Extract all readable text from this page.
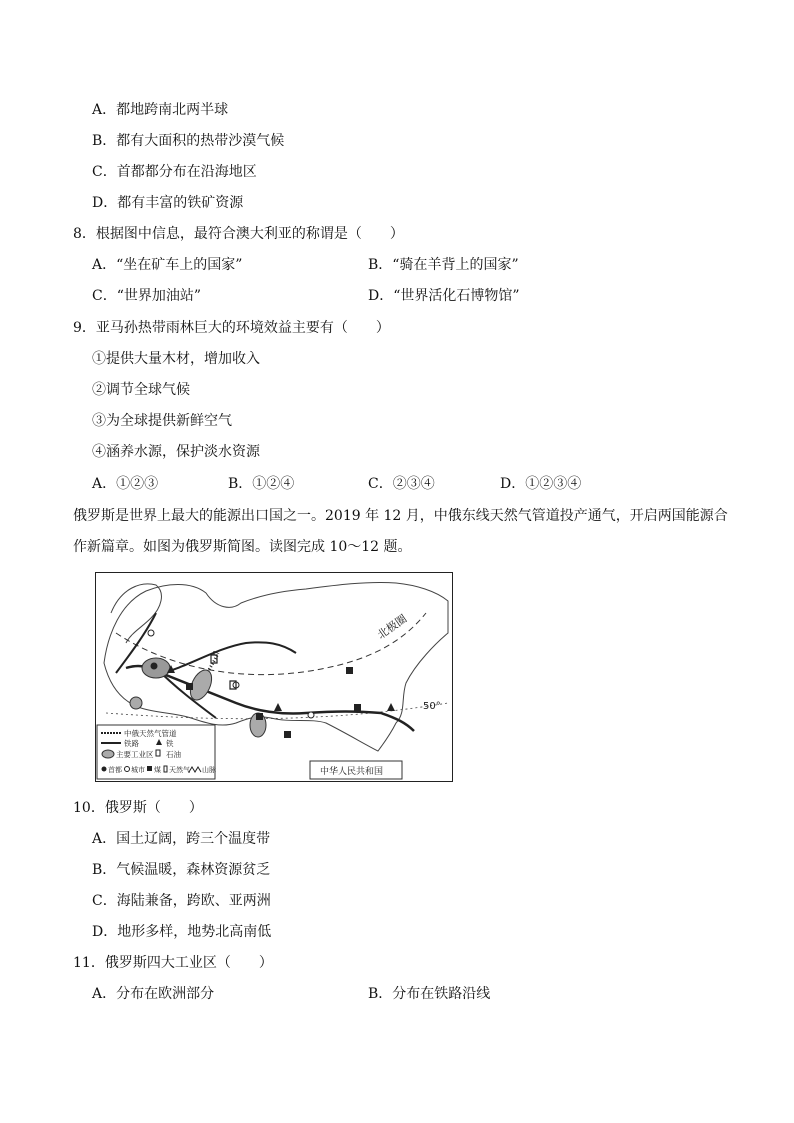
A．都地跨南北两半球
B．都有大面积的热带沙漠气候
C．首都都分布在沿海地区
D．都有丰富的铁矿资源
8．根据图中信息，最符合澳大利亚的称谓是（　　）
A．“坐在矿车上的国家”	B．“骑在羊背上的国家”
C．“世界加油站”	D．“世界活化石博物馆”
9．亚马孙热带雨林巨大的环境效益主要有（　　）
①提供大量木材，增加收入
②调节全球气候
③为全球提供新鲜空气
④涵养水源，保护淡水资源
A．①②③	B．①②④	C．②③④	D．①②③④
俄罗斯是世界上最大的能源出口国之一。2019 年 12 月，中俄东线天然气管道投产通气，开启两国能源合
作新篇章。如图为俄罗斯简图。读图完成 10～12 题。
北极圈
50°
中俄天然气管道
铁路	铁
主要工业区 石油
首都 城市 煤 天然气 山脉	中华人民共和国
10．俄罗斯（　　）
A．国土辽阔，跨三个温度带
B．气候温暖，森林资源贫乏
C．海陆兼备，跨欧、亚两洲
D．地形多样，地势北高南低
11．俄罗斯四大工业区（　　）
A．分布在欧洲部分	B．分布在铁路沿线
